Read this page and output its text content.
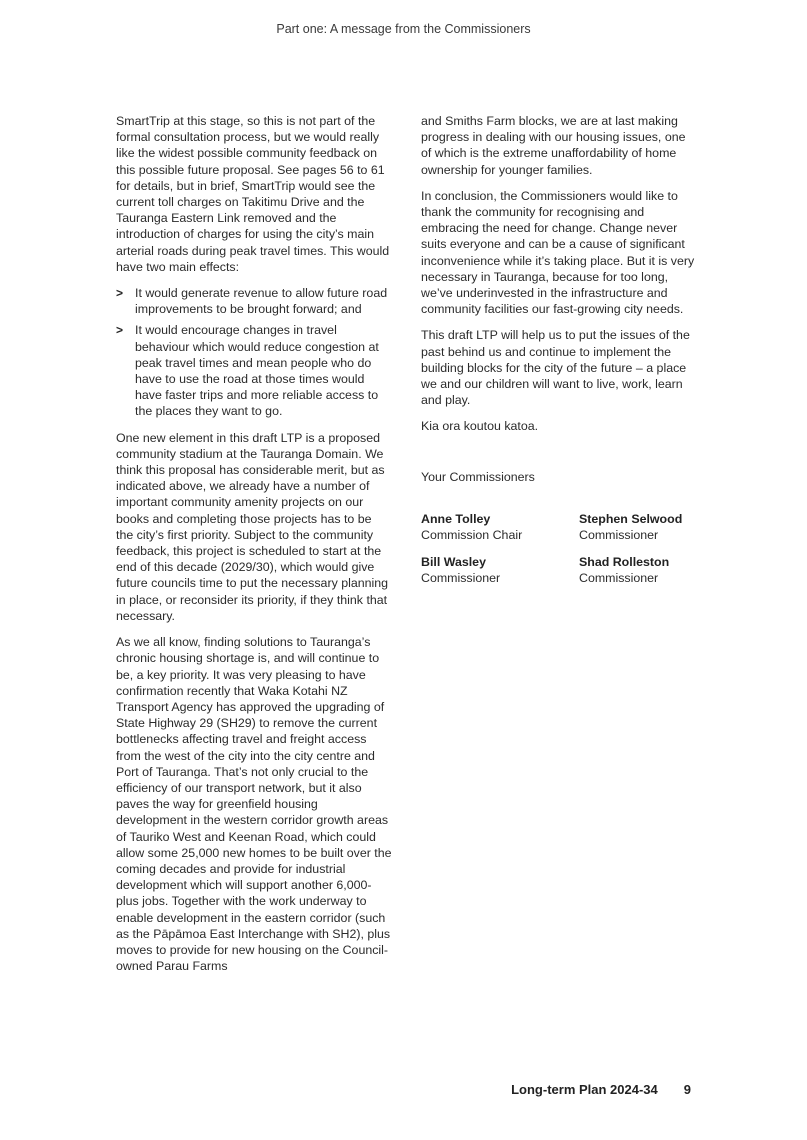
Part one: A message from the Commissioners

SmartTrip at this stage, so this is not part of the formal consultation process, but we would really like the widest possible community feedback on this possible future proposal. See pages 56 to 61 for details, but in brief, SmartTrip would see the current toll charges on Takitimu Drive and the Tauranga Eastern Link removed and the introduction of charges for using the city’s main arterial roads during peak travel times. This would have two main effects:

> It would generate revenue to allow future road improvements to be brought forward; and
> It would encourage changes in travel behaviour which would reduce congestion at peak travel times and mean people who do have to use the road at those times would have faster trips and more reliable access to the places they want to go.

One new element in this draft LTP is a proposed community stadium at the Tauranga Domain. We think this proposal has considerable merit, but as indicated above, we already have a number of important community amenity projects on our books and completing those projects has to be the city’s first priority. Subject to the community feedback, this project is scheduled to start at the end of this decade (2029/30), which would give future councils time to put the necessary planning in place, or reconsider its priority, if they think that necessary.

As we all know, finding solutions to Tauranga’s chronic housing shortage is, and will continue to be, a key priority. It was very pleasing to have confirmation recently that Waka Kotahi NZ Transport Agency has approved the upgrading of State Highway 29 (SH29) to remove the current bottlenecks affecting travel and freight access from the west of the city into the city centre and Port of Tauranga. That’s not only crucial to the efficiency of our transport network, but it also paves the way for greenfield housing development in the western corridor growth areas of Tauriko West and Keenan Road, which could allow some 25,000 new homes to be built over the coming decades and provide for industrial development which will support another 6,000-plus jobs. Together with the work underway to enable development in the eastern corridor (such as the Pāpāmoa East Interchange with SH2), plus moves to provide for new housing on the Council-owned Parau Farms

and Smiths Farm blocks, we are at last making progress in dealing with our housing issues, one of which is the extreme unaffordability of home ownership for younger families.

In conclusion, the Commissioners would like to thank the community for recognising and embracing the need for change. Change never suits everyone and can be a cause of significant inconvenience while it’s taking place. But it is very necessary in Tauranga, because for too long, we’ve underinvested in the infrastructure and community facilities our fast-growing city needs.

This draft LTP will help us to put the issues of the past behind us and continue to implement the building blocks for the city of the future – a place we and our children will want to live, work, learn and play.

Kia ora koutou katoa.

Your Commissioners
Anne Tolley
Commission Chair
Stephen Selwood
Commissioner
Bill Wasley
Commissioner
Shad Rolleston
Commissioner
Long-term Plan 2024-34 9
